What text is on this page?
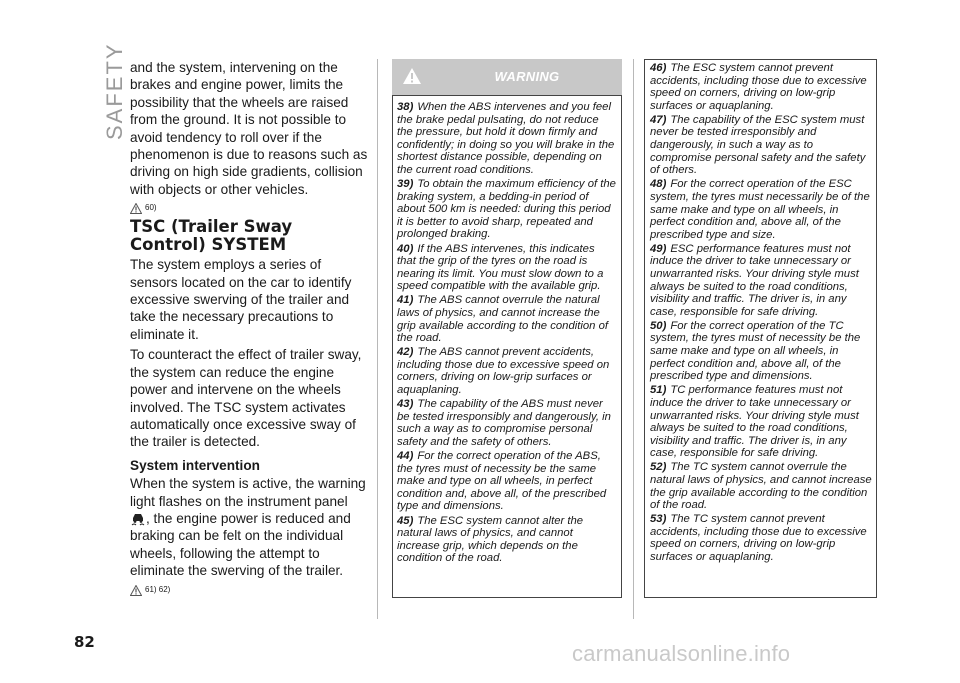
SAFETY and the system, intervening on the brakes and engine power, limits the possibility that the wheels are raised from the ground. It is not possible to avoid tendency to roll over if the phenomenon is due to reasons such as driving on high side gradients, collision with objects or other vehicles.

60)
TSC (Trailer Sway Control) SYSTEM

The system employs a series of sensors located on the car to identify excessive swerving of the trailer and take the necessary precautions to eliminate it.

To counteract the effect of trailer sway, the system can reduce the engine power and intervene on the wheels involved. The TSC system activates automatically once excessive sway of the trailer is detected.

System intervention

When the system is active, the warning light flashes on the instrument panel
, the engine power is reduced and braking can be felt on the individual wheels, following the attempt to eliminate the swerving of the trailer.

61) 62)
WARNING

38) When the ABS intervenes and you feel the brake pedal pulsating, do not reduce the pressure, but hold it down firmly and confidently; in doing so you will brake in the shortest distance possible, depending on the current road conditions.

39) To obtain the maximum efficiency of the braking system, a bedding-in period of about 500 km is needed: during this period it is better to avoid sharp, repeated and prolonged braking.

40) If the ABS intervenes, this indicates that the grip of the tyres on the road is nearing its limit. You must slow down to a speed compatible with the available grip.

41) The ABS cannot overrule the natural laws of physics, and cannot increase the grip available according to the condition of the road.

42) The ABS cannot prevent accidents, including those due to excessive speed on corners, driving on low-grip surfaces or aquaplaning.

43) The capability of the ABS must never be tested irresponsibly and dangerously, in such a way as to compromise personal safety and the safety of others.

44) For the correct operation of the ABS, the tyres must of necessity be the same make and type on all wheels, in perfect condition and, above all, of the prescribed type and dimensions.

45) The ESC system cannot alter the natural laws of physics, and cannot increase grip, which depends on the condition of the road.

46) The ESC system cannot prevent accidents, including those due to excessive speed on corners, driving on low-grip surfaces or aquaplaning.

47) The capability of the ESC system must never be tested irresponsibly and dangerously, in such a way as to compromise personal safety and the safety of others.

48) For the correct operation of the ESC system, the tyres must necessarily be of the same make and type on all wheels, in perfect condition and, above all, of the prescribed type and size.

49) ESC performance features must not induce the driver to take unnecessary or unwarranted risks. Your driving style must always be suited to the road conditions, visibility and traffic. The driver is, in any case, responsible for safe driving.

50) For the correct operation of the TC system, the tyres must of necessity be the same make and type on all wheels, in perfect condition and, above all, of the prescribed type and dimensions.

51) TC performance features must not induce the driver to take unnecessary or unwarranted risks. Your driving style must always be suited to the road conditions, visibility and traffic. The driver is, in any case, responsible for safe driving.

52) The TC system cannot overrule the natural laws of physics, and cannot increase the grip available according to the condition of the road.

53) The TC system cannot prevent accidents, including those due to excessive speed on corners, driving on low-grip surfaces or aquaplaning.

82	carmanualsonline.info
